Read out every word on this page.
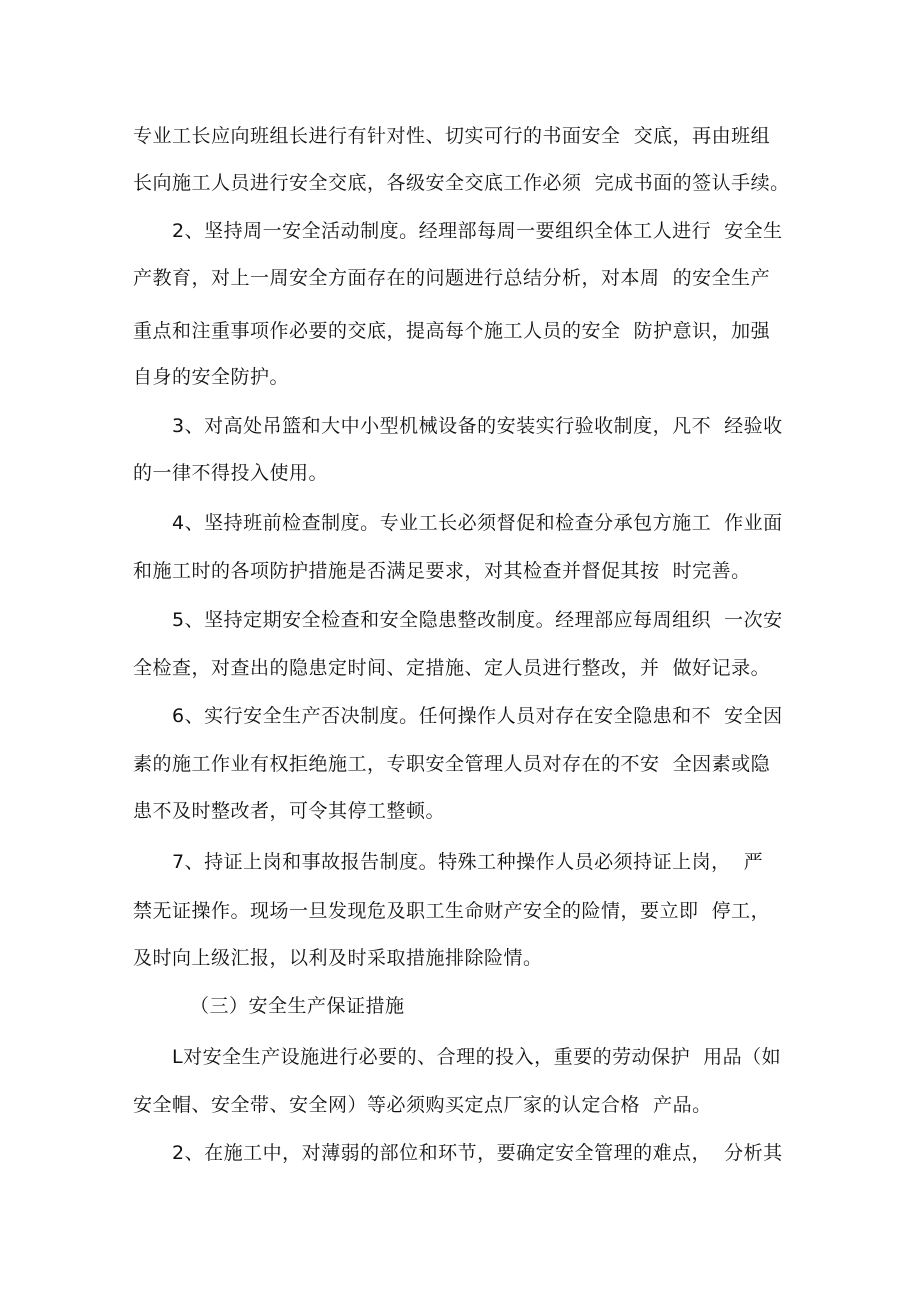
专业工长应向班组长进行有针对性、切实可行的书面安全  交底，再由班组
长向施工人员进行安全交底，各级安全交底工作必须  完成书面的签认手续。
2、坚持周一安全活动制度。经理部每周一要组织全体工人进行  安全生
产教育，对上一周安全方面存在的问题进行总结分析，对本周  的安全生产
重点和注重事项作必要的交底，提高每个施工人员的安全  防护意识，加强
自身的安全防护。
3、对高处吊篮和大中小型机械设备的安装实行验收制度，凡不  经验收
的一律不得投入使用。
4、坚持班前检查制度。专业工长必须督促和检查分承包方施工  作业面
和施工时的各项防护措施是否满足要求，对其检查并督促其按  时完善。
5、坚持定期安全检查和安全隐患整改制度。经理部应每周组织  一次安
全检查，对查出的隐患定时间、定措施、定人员进行整改，并  做好记录。
6、实行安全生产否决制度。任何操作人员对存在安全隐患和不  安全因
素的施工作业有权拒绝施工，专职安全管理人员对存在的不安  全因素或隐
患不及时整改者，可令其停工整顿。
7、持证上岗和事故报告制度。特殊工种操作人员必须持证上岗，  严
禁无证操作。现场一旦发现危及职工生命财产安全的险情，要立即  停工，
及时向上级汇报，以利及时采取措施排除险情。
（三）安全生产保证措施
L对安全生产设施进行必要的、合理的投入，重要的劳动保护  用品（如
安全帽、安全带、安全网）等必须购买定点厂家的认定合格  产品。
2、在施工中，对薄弱的部位和环节，要确定安全管理的难点，  分析其
